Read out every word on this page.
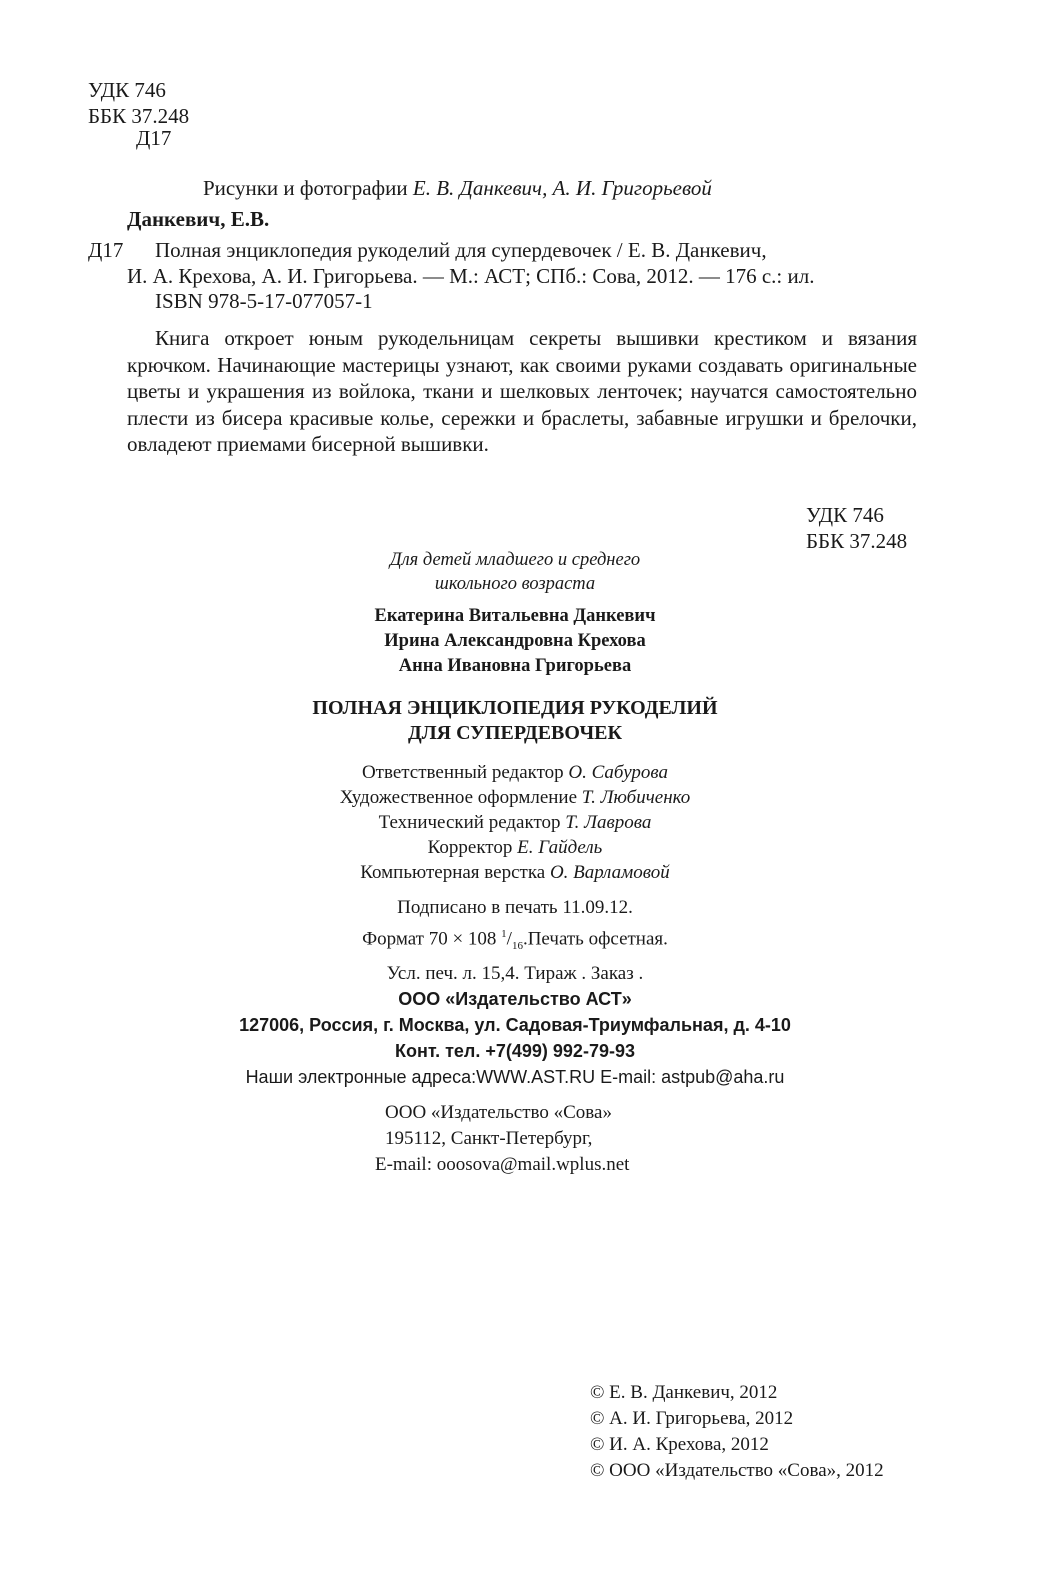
УДК 746
ББК 37.248
Д17
Рисунки и фотографии Е. В. Данкевич, А. И. Григорьевой
Данкевич, Е.В.
Д17	Полная энциклопедия рукоделий для супердевочек / Е. В. Данкевич,
И. А. Крехова, А. И. Григорьева. — М.: АСТ; СПб.: Сова, 2012. — 176 с.: ил.
ISBN 978-5-17-077057-1
Книга откроет юным рукодельницам секреты вышивки крестиком и вязания крючком. Начинающие мастерицы узнают, как своими руками создавать оригинальные цветы и украшения из войлока, ткани и шелковых ленточек; научатся самостоятельно плести из бисера красивые колье, сережки и браслеты, забавные игрушки и брелочки, овладеют приемами бисерной вышивки.
УДК 746
ББК 37.248
Для детей младшего и среднего
школьного возраста
Екатерина Витальевна Данкевич
Ирина Александровна Крехова
Анна Ивановна Григорьева
ПОЛНАЯ ЭНЦИКЛОПЕДИЯ РУКОДЕЛИЙ
ДЛЯ СУПЕРДЕВОЧЕК
Ответственный редактор О. Сабурова
Художественное оформление Т. Любиченко
Технический редактор Т. Лаврова
Корректор Е. Гайдель
Компьютерная верстка О. Варламовой
Подписано в печать 11.09.12.
Формат 70 × 108 $^1/_{16}.Печать$ офсетная.
Усл. печ. л. 15,4. Тираж . Заказ .
ООО «Издательство АСТ»
127006, Россия, г. Москва, ул. Садовая-Триумфальная, д. 4-10
Конт. тел. +7(499) 992-79-93
Наши электронные адреса:WWW.AST.RU E-mail: astpub@aha.ru
ООО «Издательство «Сова»
195112, Санкт-Петербург,
E-mail: ooosova@mail.wplus.net
© Е. В. Данкевич, 2012
© А. И. Григорьева, 2012
© И. А. Крехова, 2012
© ООО «Издательство «Сова», 2012
